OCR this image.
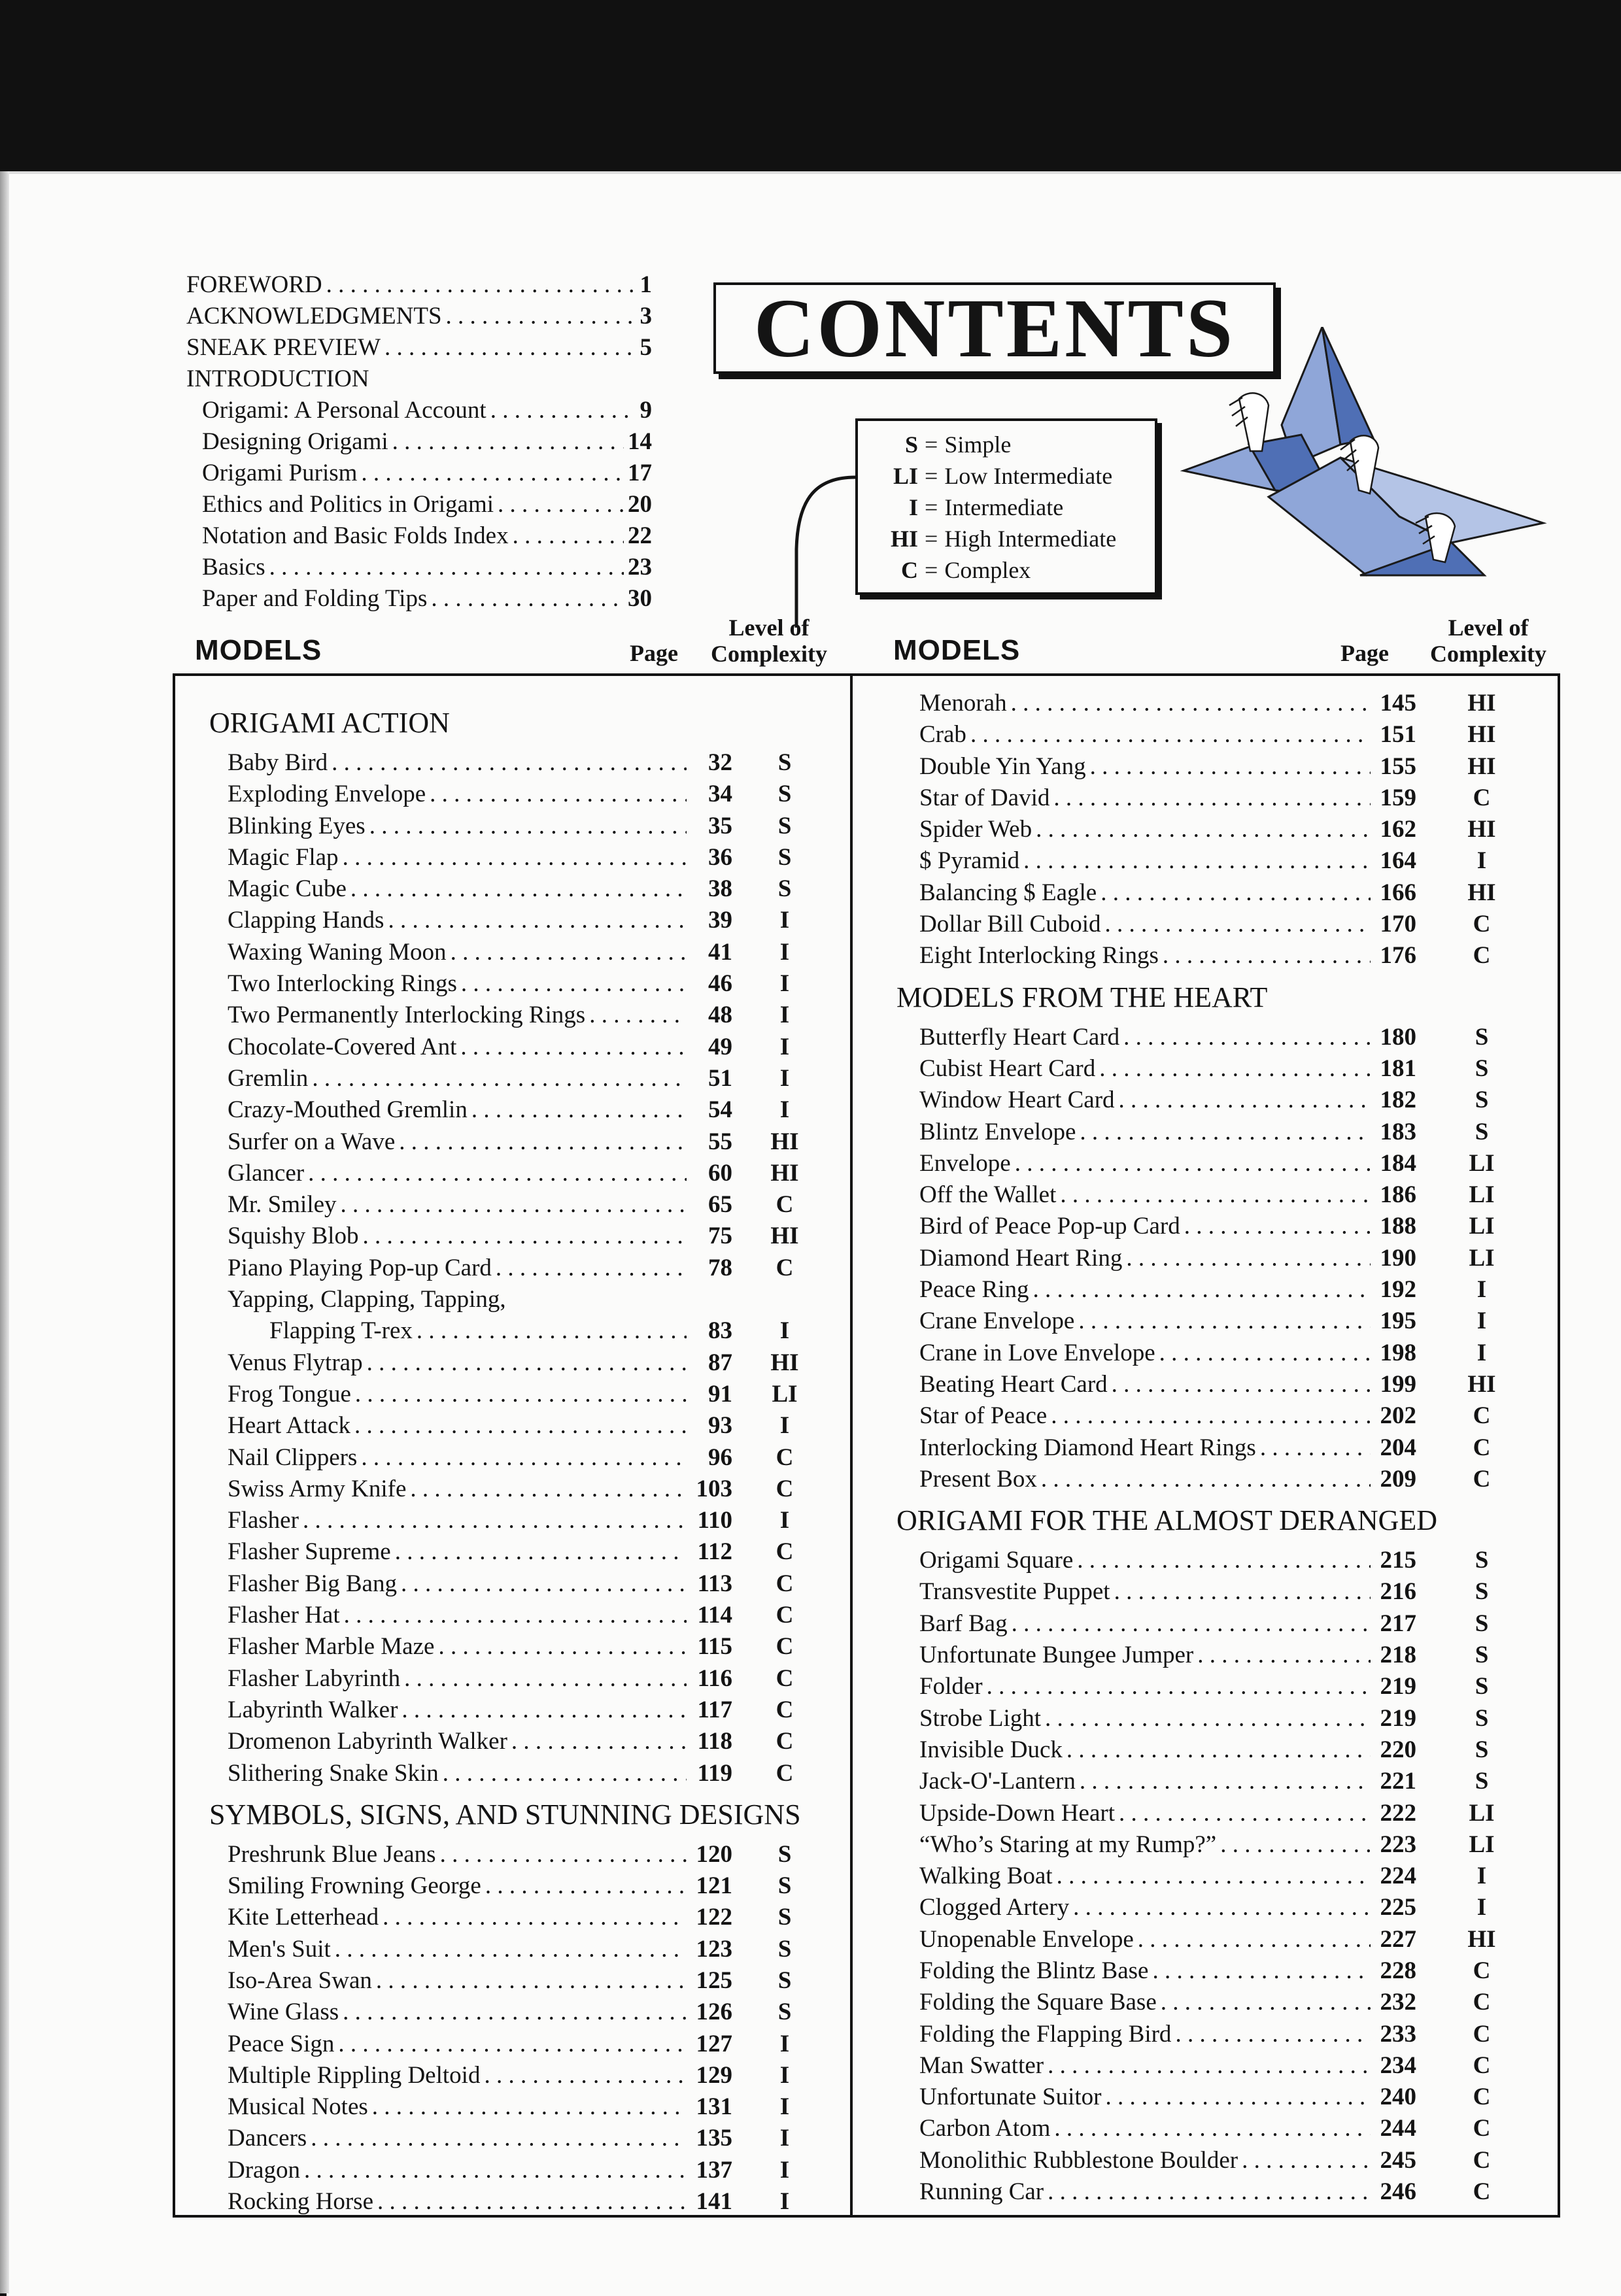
FOREWORD . . .	1
ACKNOWLEDGMENTS . . .	3
SNEAK PREVIEW . . .	5
INTRODUCTION
Origami: A Personal Account . . .	9
Designing Origami . . .	14
Origami Purism . . .	17
Ethics and Politics in Origami . . .	20
Notation and Basic Folds Index . . .	22
Basics . . .	23
Paper and Folding Tips . . .	30
CONTENTS
S = Simple
LI = Low Intermediate
I = Intermediate
HI = High Intermediate
C = Complex
MODELS	Page
Level of
Complexity MODELS	Page
Level of
Complexity
ORIGAMI ACTION
Baby Bird . . .	32	S
Exploding Envelope . . .	34	S
Blinking Eyes . . .	35	S
Magic Flap . . .	36	S
Magic Cube . . .	38	S
Clapping Hands . . .	39	I
Waxing Waning Moon . . .	41	I
Two Interlocking Rings . . .	46	I
Two Permanently Interlocking Rings . . .	48	I
Chocolate-Covered Ant . . .	49	I
Gremlin . . .	51	I
Crazy-Mouthed Gremlin . . .	54	I
Surfer on a Wave . . .	55	HI
Glancer . . .	60	HI
Mr. Smiley . . .	65	C
Squishy Blob . . .	75	HI
Piano Playing Pop-up Card . . .	78	C
Yapping, Clapping, Tapping,
Flapping T-rex . . .	83	I
Venus Flytrap . . .	87	HI
Frog Tongue . . .	91	LI
Heart Attack . . .	93	I
Nail Clippers . . .	96	C
Swiss Army Knife . . .	103	C
Flasher . . .	110	I
Flasher Supreme . . .	112	C
Flasher Big Bang . . .	113	C
Flasher Hat . . .	114	C
Flasher Marble Maze . . .	115	C
Flasher Labyrinth . . .	116	C
Labyrinth Walker . . .	117	C
Dromenon Labyrinth Walker . . .	118	C
Slithering Snake Skin . . .	119	C
SYMBOLS, SIGNS, AND STUNNING DESIGNS
Preshrunk Blue Jeans . . .	120	S
Smiling Frowning George . . .	121	S
Kite Letterhead . . .	122	S
Men's Suit . . .	123	S
Iso-Area Swan . . .	125	S
Wine Glass . . .	126	S
Peace Sign . . .	127	I
Multiple Rippling Deltoid . . .	129	I
Musical Notes . . .	131	I
Dancers . . .	135	I
Dragon . . .	137	I
Rocking Horse . . .	141	I
Menorah . . .	145	HI
Crab . . .	151	HI
Double Yin Yang . . .	155	HI
Star of David . . .	159	C
Spider Web . . .	162	HI
$ Pyramid . . .	164	I
Balancing $ Eagle . . .	166	HI
Dollar Bill Cuboid . . .	170	C
Eight Interlocking Rings . . .	176	C
MODELS FROM THE HEART
Butterfly Heart Card . . .	180	S
Cubist Heart Card . . .	181	S
Window Heart Card . . .	182	S
Blintz Envelope . . .	183	S
Envelope . . .	184	LI
Off the Wallet . . .	186	LI
Bird of Peace Pop-up Card . . .	188	LI
Diamond Heart Ring . . .	190	LI
Peace Ring . . .	192	I
Crane Envelope . . .	195	I
Crane in Love Envelope . . .	198	I
Beating Heart Card . . .	199	HI
Star of Peace . . .	202	C
Interlocking Diamond Heart Rings . . .	204	C
Present Box . . .	209	C
ORIGAMI FOR THE ALMOST DERANGED
Origami Square . . .	215	S
Transvestite Puppet . . .	216	S
Barf Bag . . .	217	S
Unfortunate Bungee Jumper . . .	218	S
Folder . . .	219	S
Strobe Light . . .	219	S
Invisible Duck . . .	220	S
Jack-O'-Lantern . . .	221	S
Upside-Down Heart . . .	222	LI
“Who’s Staring at my Rump?” . . .	223	LI
Walking Boat . . .	224	I
Clogged Artery . . .	225	I
Unopenable Envelope . . .	227	HI
Folding the Blintz Base . . .	228	C
Folding the Square Base . . .	232	C
Folding the Flapping Bird . . .	233	C
Man Swatter . . .	234	C
Unfortunate Suitor . . .	240	C
Carbon Atom . . .	244	C
Monolithic Rubblestone Boulder . . .	245	C
Running Car . . .	246	C
